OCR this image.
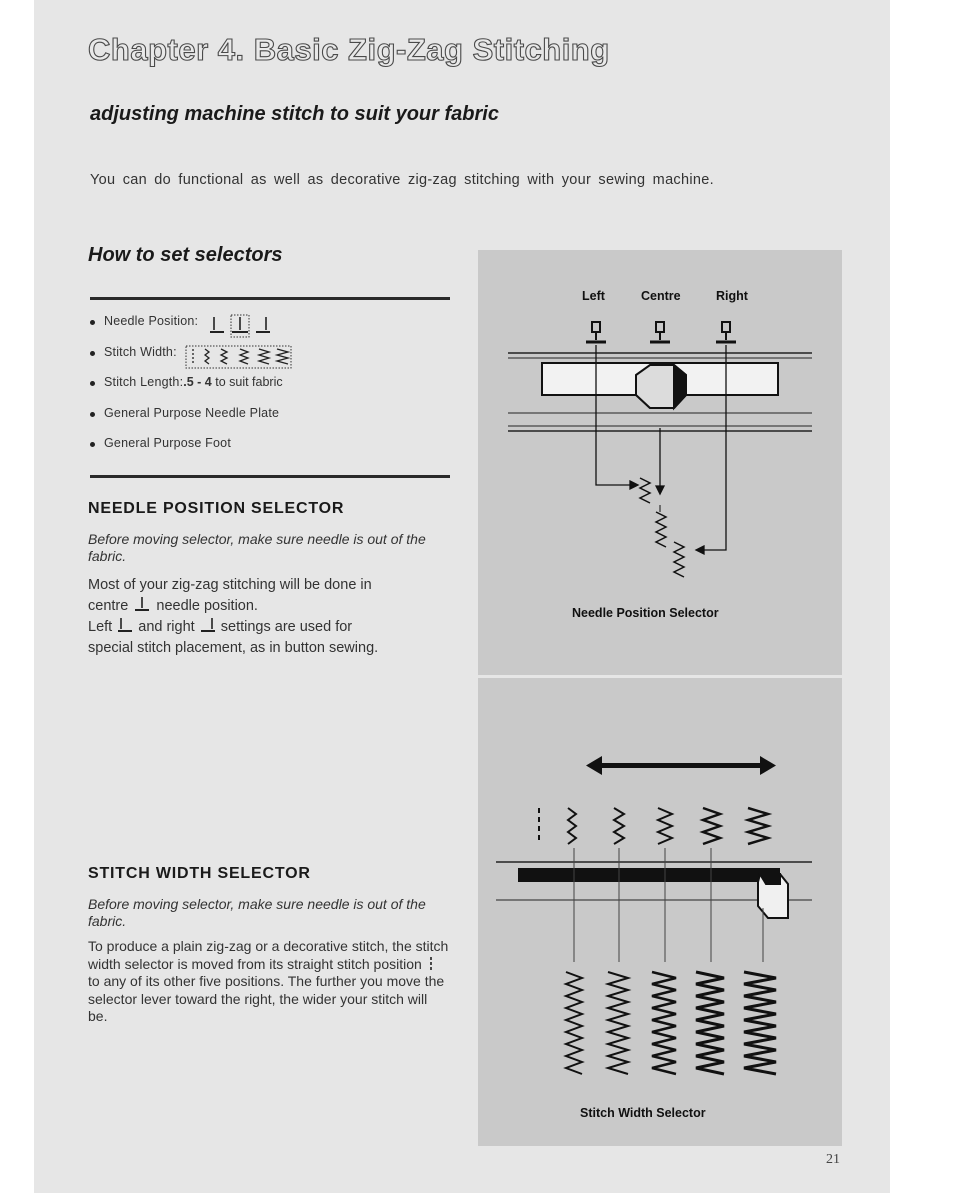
Chapter 4. Basic Zig-Zag Stitching
adjusting machine stitch to suit your fabric

You can do functional as well as decorative zig-zag stitching with your sewing machine.

How to set selectors
Needle Position:
Stitch Width:
Stitch Length: .5 - 4
to suit fabric
General Purpose Needle Plate
General Purpose Foot
NEEDLE POSITION SELECTOR

Before moving selector, make sure needle is out of the fabric.

Most of your zig-zag stitching will be done in
centre needle position.
Left and right settings are used for
special stitch placement, as in button sewing.

STITCH WIDTH SELECTOR

Before moving selector, make sure needle is out of the fabric.

To produce a plain zig-zag or a decorative stitch, the stitch width selector is moved from its straight stitch position  to any of its other five positions. The further you move the selector lever toward the right, the wider your stitch will be.

Left	Centre	Right
Needle Position Selector
Stitch Width Selector
21
